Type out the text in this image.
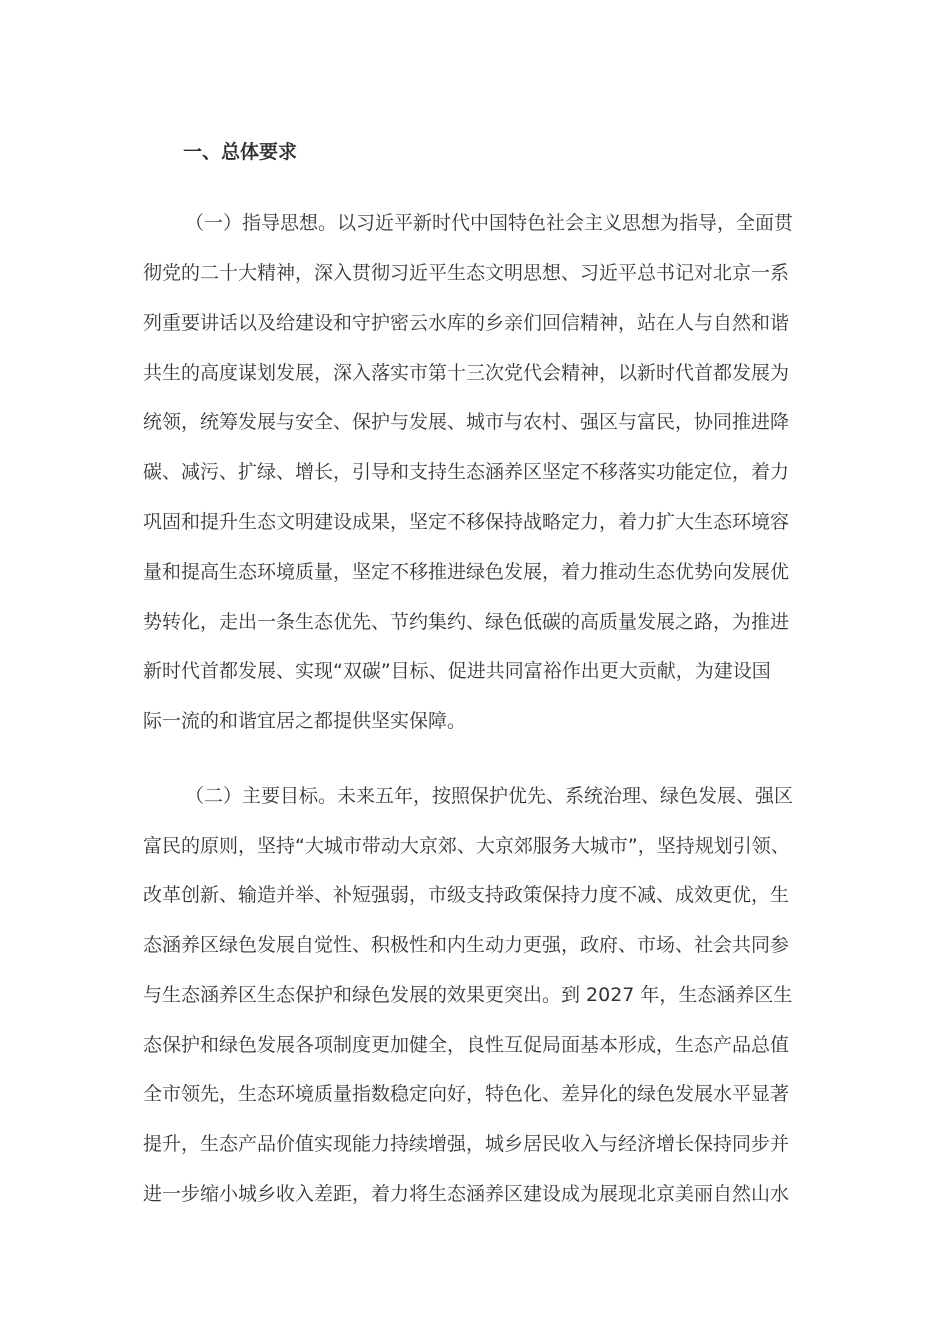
一、总体要求
（一）指导思想。以习近平新时代中国特色社会主义思想为指导，全面贯
彻党的二十大精神，深入贯彻习近平生态文明思想、习近平总书记对北京一系
列重要讲话以及给建设和守护密云水库的乡亲们回信精神，站在人与自然和谐
共生的高度谋划发展，深入落实市第十三次党代会精神，以新时代首都发展为
统领，统筹发展与安全、保护与发展、城市与农村、强区与富民，协同推进降
碳、减污、扩绿、增长，引导和支持生态涵养区坚定不移落实功能定位，着力
巩固和提升生态文明建设成果，坚定不移保持战略定力，着力扩大生态环境容
量和提高生态环境质量，坚定不移推进绿色发展，着力推动生态优势向发展优
势转化，走出一条生态优先、节约集约、绿色低碳的高质量发展之路，为推进
新时代首都发展、实现“双碳”目标、促进共同富裕作出更大贡献，为建设国
际一流的和谐宜居之都提供坚实保障。
（二）主要目标。未来五年，按照保护优先、系统治理、绿色发展、强区
富民的原则，坚持“大城市带动大京郊、大京郊服务大城市”，坚持规划引领、
改革创新、输造并举、补短强弱，市级支持政策保持力度不减、成效更优，生
态涵养区绿色发展自觉性、积极性和内生动力更强，政府、市场、社会共同参
与生态涵养区生态保护和绿色发展的效果更突出。到 2027 年，生态涵养区生
态保护和绿色发展各项制度更加健全，良性互促局面基本形成，生态产品总值
全市领先，生态环境质量指数稳定向好，特色化、差异化的绿色发展水平显著
提升，生态产品价值实现能力持续增强，城乡居民收入与经济增长保持同步并
进一步缩小城乡收入差距，着力将生态涵养区建设成为展现北京美丽自然山水
